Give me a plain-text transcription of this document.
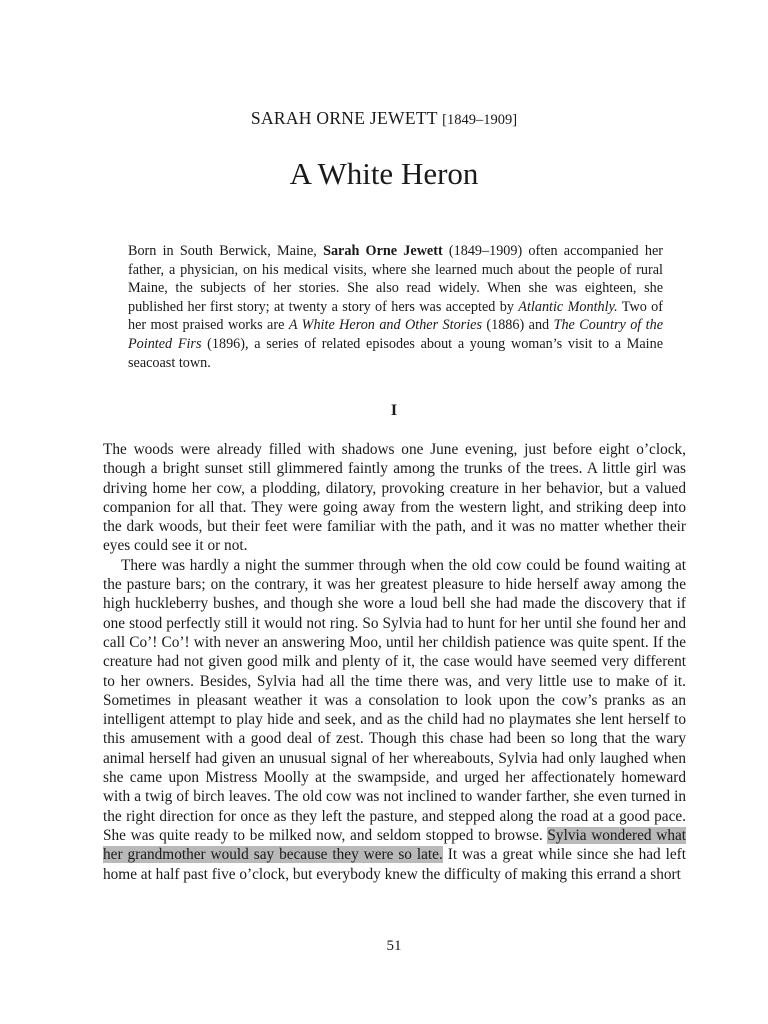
SARAH ORNE JEWETT [1849–1909]
A White Heron

Born in South Berwick, Maine, Sarah Orne Jewett (1849–1909) often accompanied her father, a physician, on his medical visits, where she learned much about the people of rural Maine, the subjects of her stories. She also read widely. When she was eighteen, she published her first story; at twenty a story of hers was accepted by Atlantic Monthly. Two of her most praised works are A White Heron and Other Stories (1886) and The Country of the Pointed Firs (1896), a series of related episodes about a young woman’s visit to a Maine seacoast town.

I

The woods were already filled with shadows one June evening, just before eight o’clock, though a bright sunset still glimmered faintly among the trunks of the trees. A little girl was driving home her cow, a plodding, dilatory, provoking creature in her behavior, but a valued companion for all that. They were going away from the western light, and striking deep into the dark woods, but their feet were familiar with the path, and it was no matter whether their eyes could see it or not.

There was hardly a night the summer through when the old cow could be found waiting at the pasture bars; on the contrary, it was her greatest pleasure to hide herself away among the high huckleberry bushes, and though she wore a loud bell she had made the discovery that if one stood perfectly still it would not ring. So Sylvia had to hunt for her until she found her and call Co’! Co’! with never an answering Moo, until her childish patience was quite spent. If the creature had not given good milk and plenty of it, the case would have seemed very different to her owners. Besides, Sylvia had all the time there was, and very little use to make of it. Sometimes in pleasant weather it was a consolation to look upon the cow’s pranks as an intelligent attempt to play hide and seek, and as the child had no playmates she lent herself to this amusement with a good deal of zest. Though this chase had been so long that the wary animal herself had given an unusual signal of her whereabouts, Sylvia had only laughed when she came upon Mistress Moolly at the swampside, and urged her affectionately homeward with a twig of birch leaves. The old cow was not inclined to wander farther, she even turned in the right direction for once as they left the pasture, and stepped along the road at a good pace. She was quite ready to be milked now, and seldom stopped to browse. Sylvia wondered what her grandmother would say because they were so late. It was a great while since she had left home at half past five o’clock, but everybody knew the difficulty of making this errand a short

51
